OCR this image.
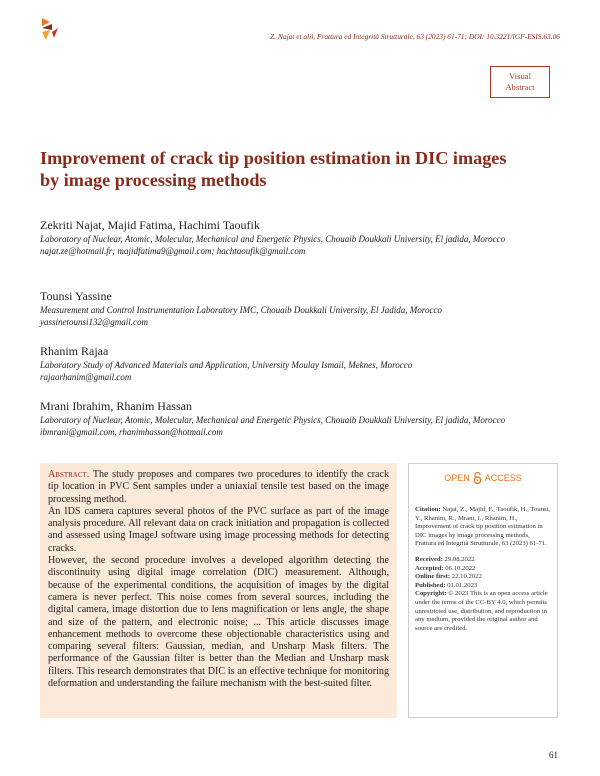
Z. Najat et alii, Frattura ed Integrità Strutturale, 63 (2023) 61-71; DOI: 10.3221/IGF-ESIS.63.06
Visual
Abstract
Improvement of crack tip position estimation in DIC images by image processing methods
Zekriti Najat, Majid Fatima, Hachimi Taoufik
Laboratory of Nuclear, Atomic, Molecular, Mechanical and Energetic Physics, Chouaib Doukkali University, El jadida, Morocco
najat.ze@hotmail.fr; majidfatima9@gmail.com; hachtaoufik@gmail.com
Tounsi Yassine
Measurement and Control Instrumentation Laboratory IMC, Chouaib Doukkali University, El Jadida, Morocco
yassinetounsi132@gmail.com
Rhanim Rajaa
Laboratory Study of Advanced Materials and Application, University Moulay Ismail, Meknes, Morocco
rajaarhanim@gmail.com
Mrani Ibrahim, Rhanim Hassan
Laboratory of Nuclear, Atomic, Molecular, Mechanical and Energetic Physics, Chouaib Doukkali University, El jadida, Morocco
ibmrani@gmail.com, rhanimhassan@hotmail.com

Abstract. The study proposes and compares two procedures to identify the crack tip location in PVC Sent samples under a uniaxial tensile test based on the image processing method.

An IDS camera captures several photos of the PVC surface as part of the image analysis procedure. All relevant data on crack initiation and propagation is collected and assessed using ImageJ software using image processing methods for detecting cracks.

However, the second procedure involves a developed algorithm detecting the discontinuity using digital image correlation (DIC) measurement. Although, because of the experimental conditions, the acquisition of images by the digital camera is never perfect. This noise comes from several sources, including the digital camera, image distortion due to lens magnification or lens angle, the shape and size of the pattern, and electronic noise; ... This article discusses image enhancement methods to overcome these objectionable characteristics using and comparing several filters: Gaussian, median, and Unsharp Mask filters. The performance of the Gaussian filter is better than the Median and Unsharp mask filters. This research demonstrates that DIC is an effective technique for monitoring deformation and understanding the failure mechanism with the best-suited filter.

OPEN ACCESS

Citation: Najat, Z., Majid, F., Taoufik, H., Tounsi, Y., Rhanim, R., Mrani, I., Rhanim, H., Improvement of crack tip position estimation in DIC images by image processing methods, Frattura ed Integrità Strutturale, 63 (2023) 61-71.

Received: 29.08.2022

Accepted: 06.10.2022

Online first: 22.10.2022

Published: 01.01.2023

Copyright: © 2023 This is an open access article under the terms of the CC-BY 4.0, which permits unrestricted use, distribution, and reproduction in any medium, provided the original author and source are credited.

61
